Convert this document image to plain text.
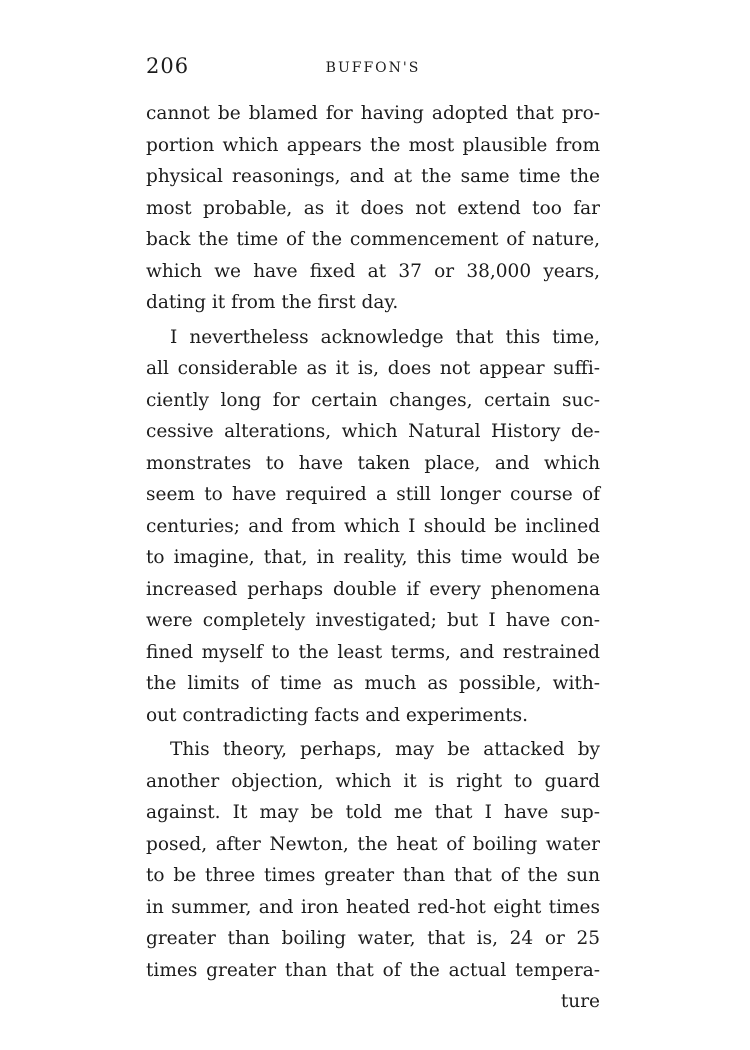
206	BUFFON'S

cannot be blamed for having adopted that pro-
portion which appears the most plausible from
physical reasonings, and at the same time the
most probable, as it does not extend too far
back the time of the commencement of nature,
which we have fixed at 37 or 38,000 years,
dating it from the first day.

I nevertheless acknowledge that this time,
all considerable as it is, does not appear suffi-
ciently long for certain changes, certain suc-
cessive alterations, which Natural History de-
monstrates to have taken place, and which
seem to have required a still longer course of
centuries; and from which I should be inclined
to imagine, that, in reality, this time would be
increased perhaps double if every phenomena
were completely investigated; but I have con-
fined myself to the least terms, and restrained
the limits of time as much as possible, with-
out contradicting facts and experiments.

This theory, perhaps, may be attacked by
another objection, which it is right to guard
against. It may be told me that I have sup-
posed, after Newton, the heat of boiling water
to be three times greater than that of the sun
in summer, and iron heated red-hot eight times
greater than boiling water, that is, 24 or 25
times greater than that of the actual tempera-

ture
